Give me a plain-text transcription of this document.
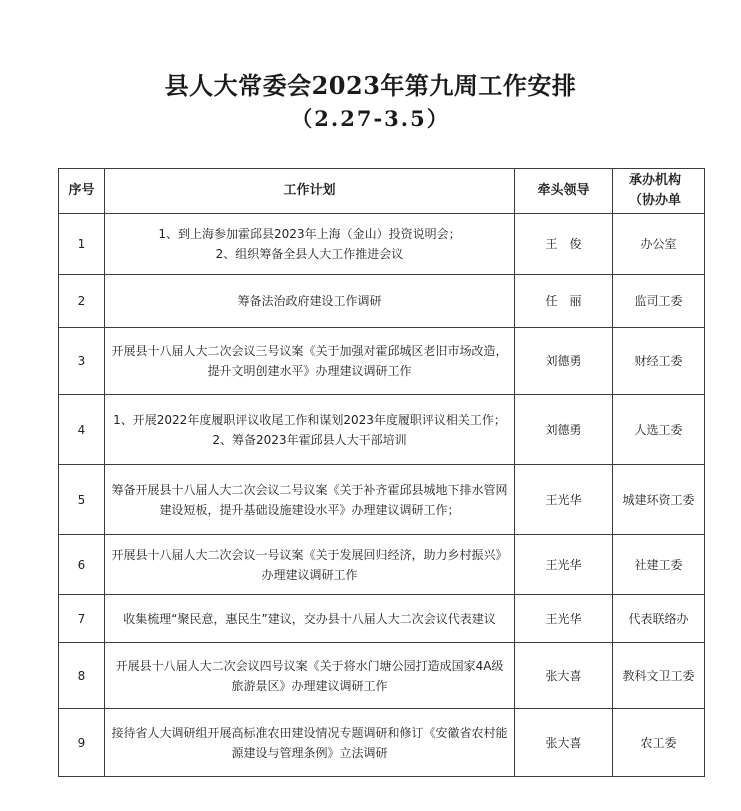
县人大常委会2023年第九周工作安排
（2.27-3.5）
序号	工作计划	牵头领导	承办机构
（协办单

1	1、到上海参加霍邱县2023年上海（金山）投资说明会；
2、组织筹备全县人大工作推进会议	王　俊	办公室
2	筹备法治政府建设工作调研	任　丽	监司工委
3	开展县十八届人大二次会议三号议案《关于加强对霍邱城区老旧市场改造，提升文明创建水平》办理建议调研工作	刘德勇	财经工委
4	1、开展2022年度履职评议收尾工作和谋划2023年度履职评议相关工作；
2、筹备2023年霍邱县人大干部培训	刘德勇	人选工委
5	筹备开展县十八届人大二次会议二号议案《关于补齐霍邱县城地下排水管网建设短板，提升基础设施建设水平》办理建议调研工作；	王光华	城建环资工委
6	开展县十八届人大二次会议一号议案《关于发展回归经济，助力乡村振兴》办理建议调研工作	王光华	社建工委
7	收集梳理“聚民意，惠民生”建议，交办县十八届人大二次会议代表建议	王光华	代表联络办
8	开展县十八届人大二次会议四号议案《关于将水门塘公园打造成国家4A级旅游景区》办理建议调研工作	张大喜	教科文卫工委
9	接待省人大调研组开展高标准农田建设情况专题调研和修订《安徽省农村能源建设与管理条例》立法调研	张大喜	农工委
